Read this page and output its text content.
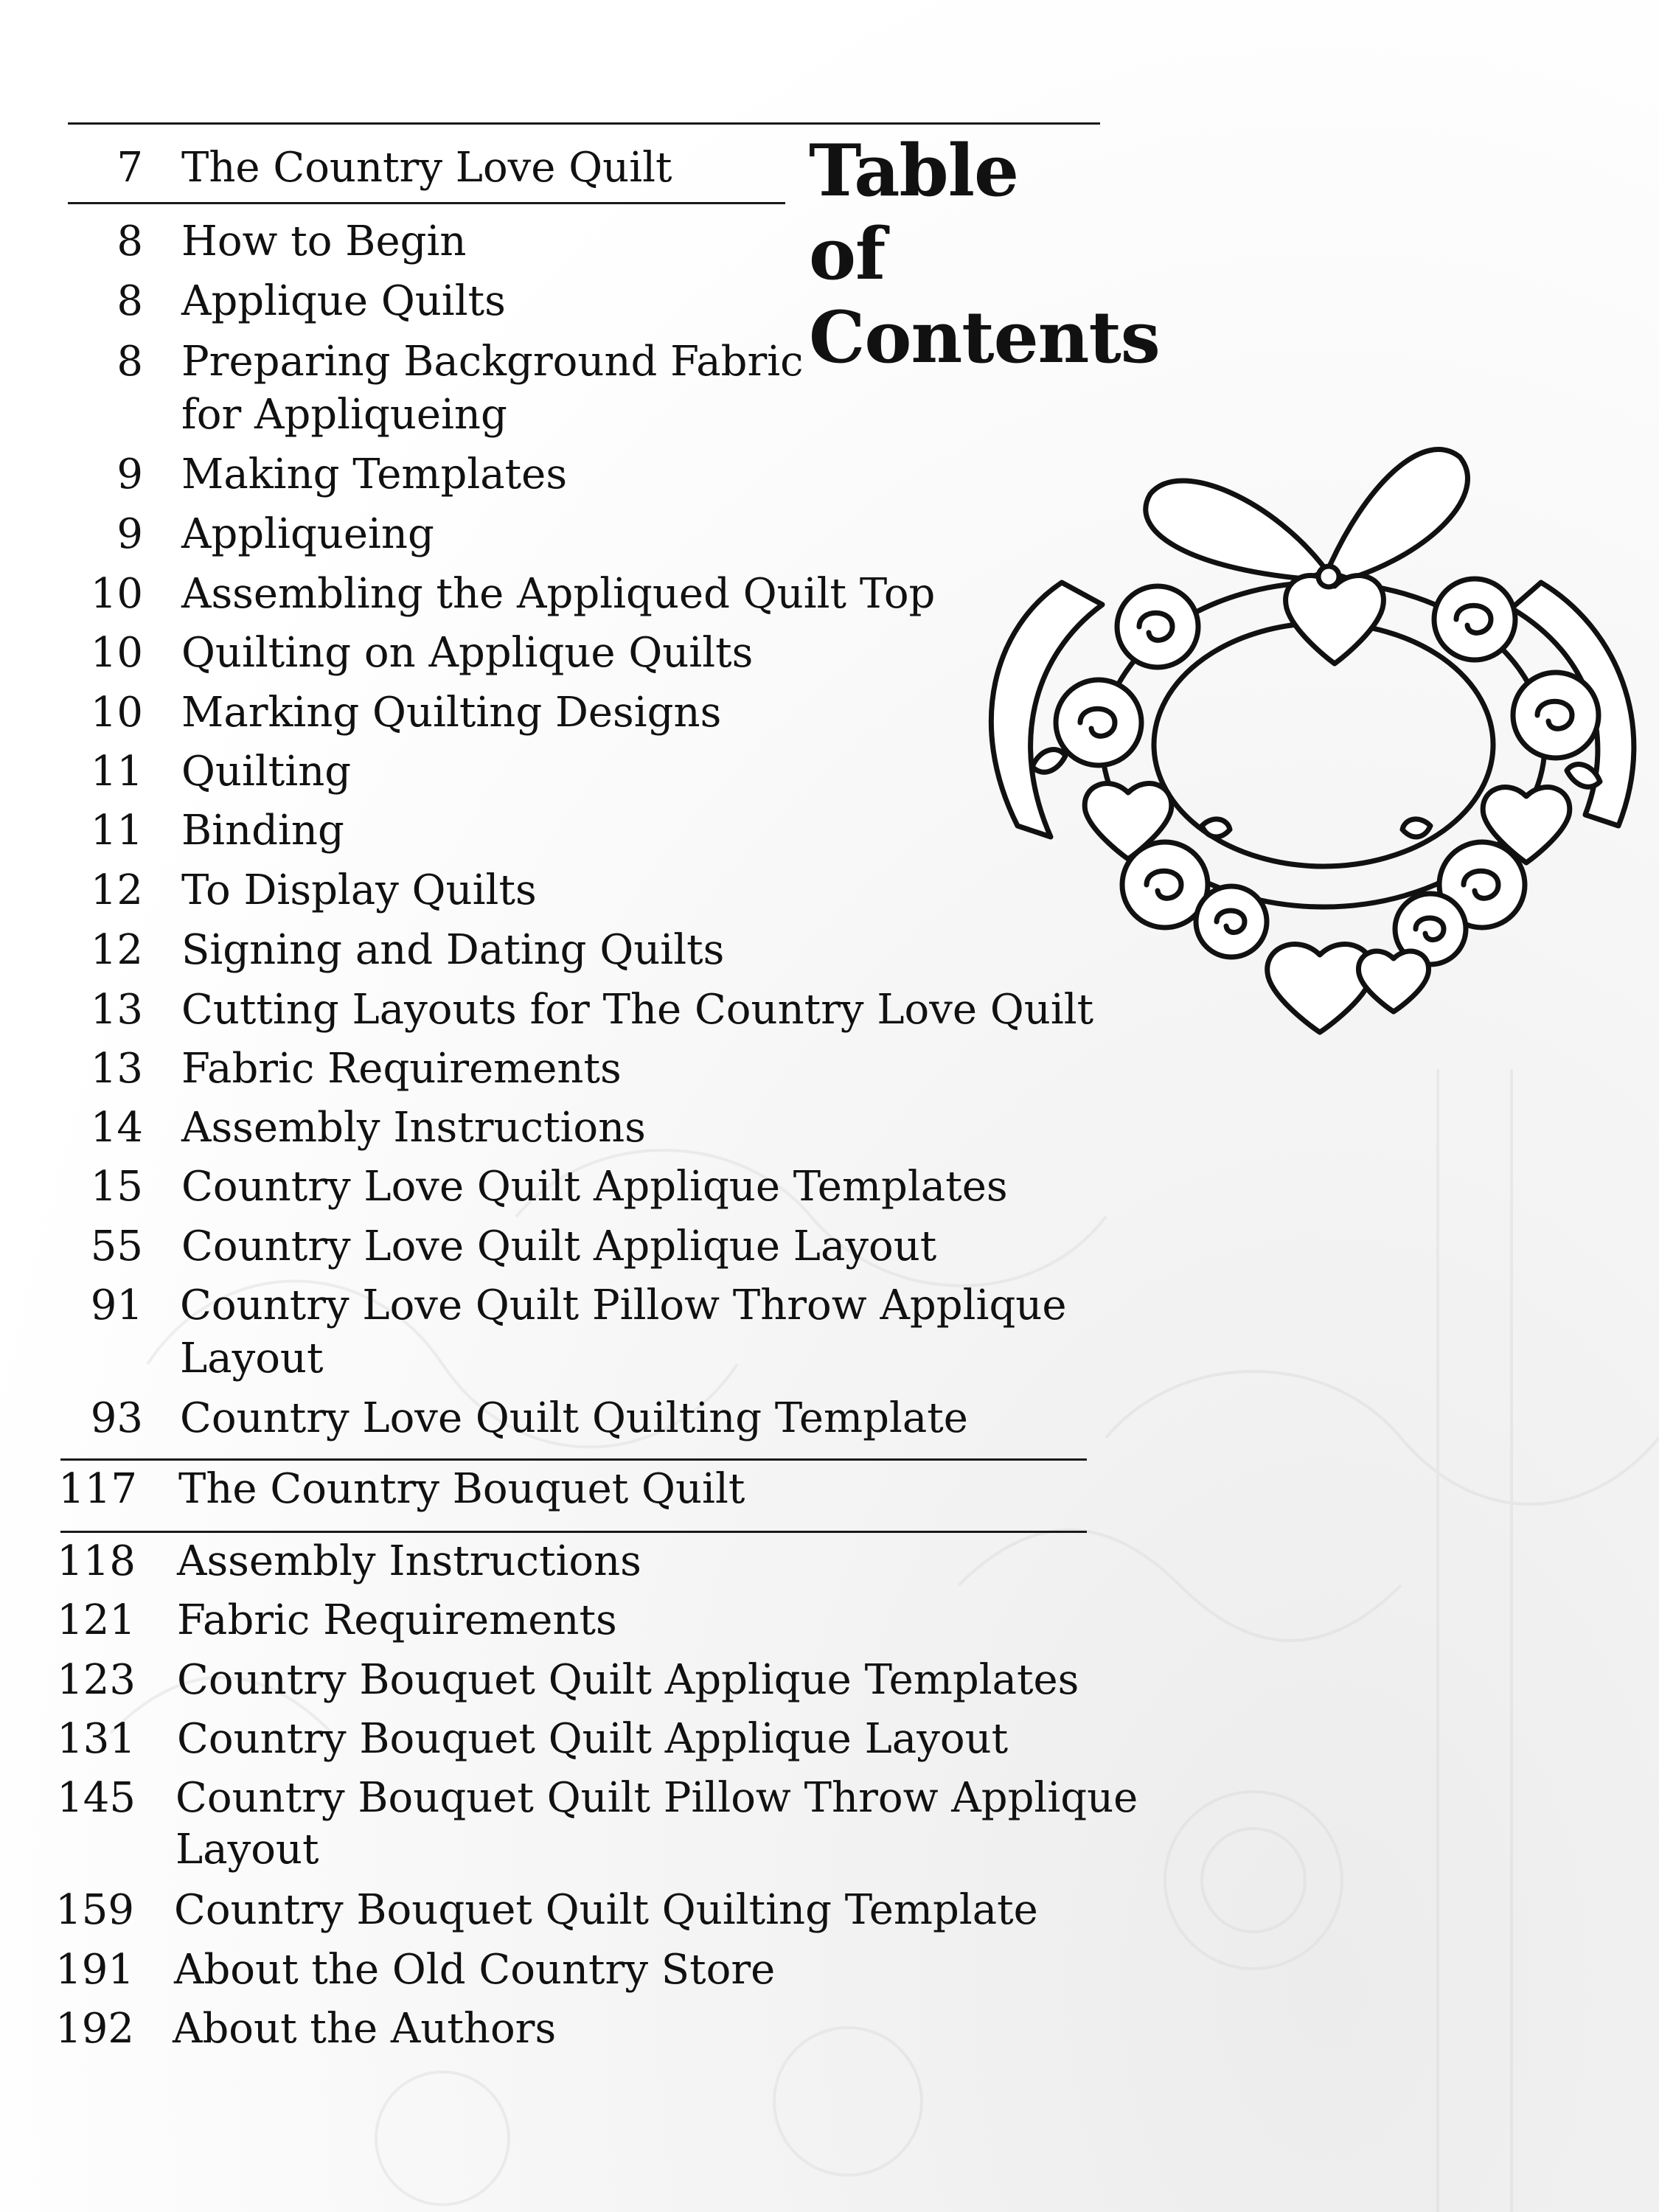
Table
of
Contents
7 The Country Love Quilt
8 How to Begin
8 Applique Quilts
8 Preparing Background Fabric
for Appliqueing
9 Making Templates
9 Appliqueing
10 Assembling the Appliqued Quilt Top
10 Quilting on Applique Quilts
10 Marking Quilting Designs
11 Quilting
11 Binding
12 To Display Quilts
12 Signing and Dating Quilts
13 Cutting Layouts for The Country Love Quilt
13 Fabric Requirements
14 Assembly Instructions
15 Country Love Quilt Applique Templates
55 Country Love Quilt Applique Layout
91 Country Love Quilt Pillow Throw Applique
Layout
93 Country Love Quilt Quilting Template
117 The Country Bouquet Quilt
118 Assembly Instructions
121 Fabric Requirements
123 Country Bouquet Quilt Applique Templates
131 Country Bouquet Quilt Applique Layout
145 Country Bouquet Quilt Pillow Throw Applique
Layout
159 Country Bouquet Quilt Quilting Template
191 About the Old Country Store
192 About the Authors
